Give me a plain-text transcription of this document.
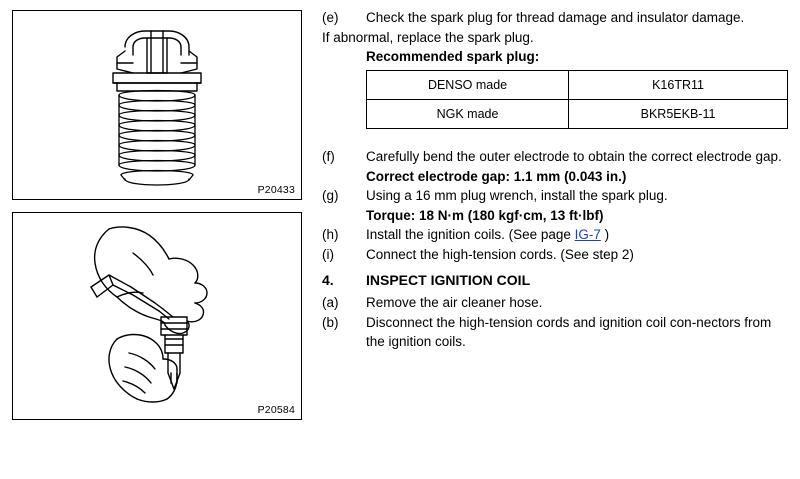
P20433
P20584
(e)	Check the spark plug for thread damage and insulator damage.
If abnormal, replace the spark plug.
Recommended spark plug:
DENSO made	K16TR11
NGK made	BKR5EKB-11
(f)	Carefully bend the outer electrode to obtain the correct electrode gap.
Correct electrode gap: 1.1 mm (0.043 in.)
(g)	Using a 16 mm plug wrench, install the spark plug.
Torque: 18 N·m (180 kgf·cm, 13 ft·lbf)
(h)	Install the ignition coils. (See page IG-7 )
(i)	Connect the high-tension cords. (See step 2)
4.	INSPECT IGNITION COIL
(a)	Remove the air cleaner hose.
(b)	Disconnect the high-tension cords and ignition coil con-nectors from the ignition coils.
